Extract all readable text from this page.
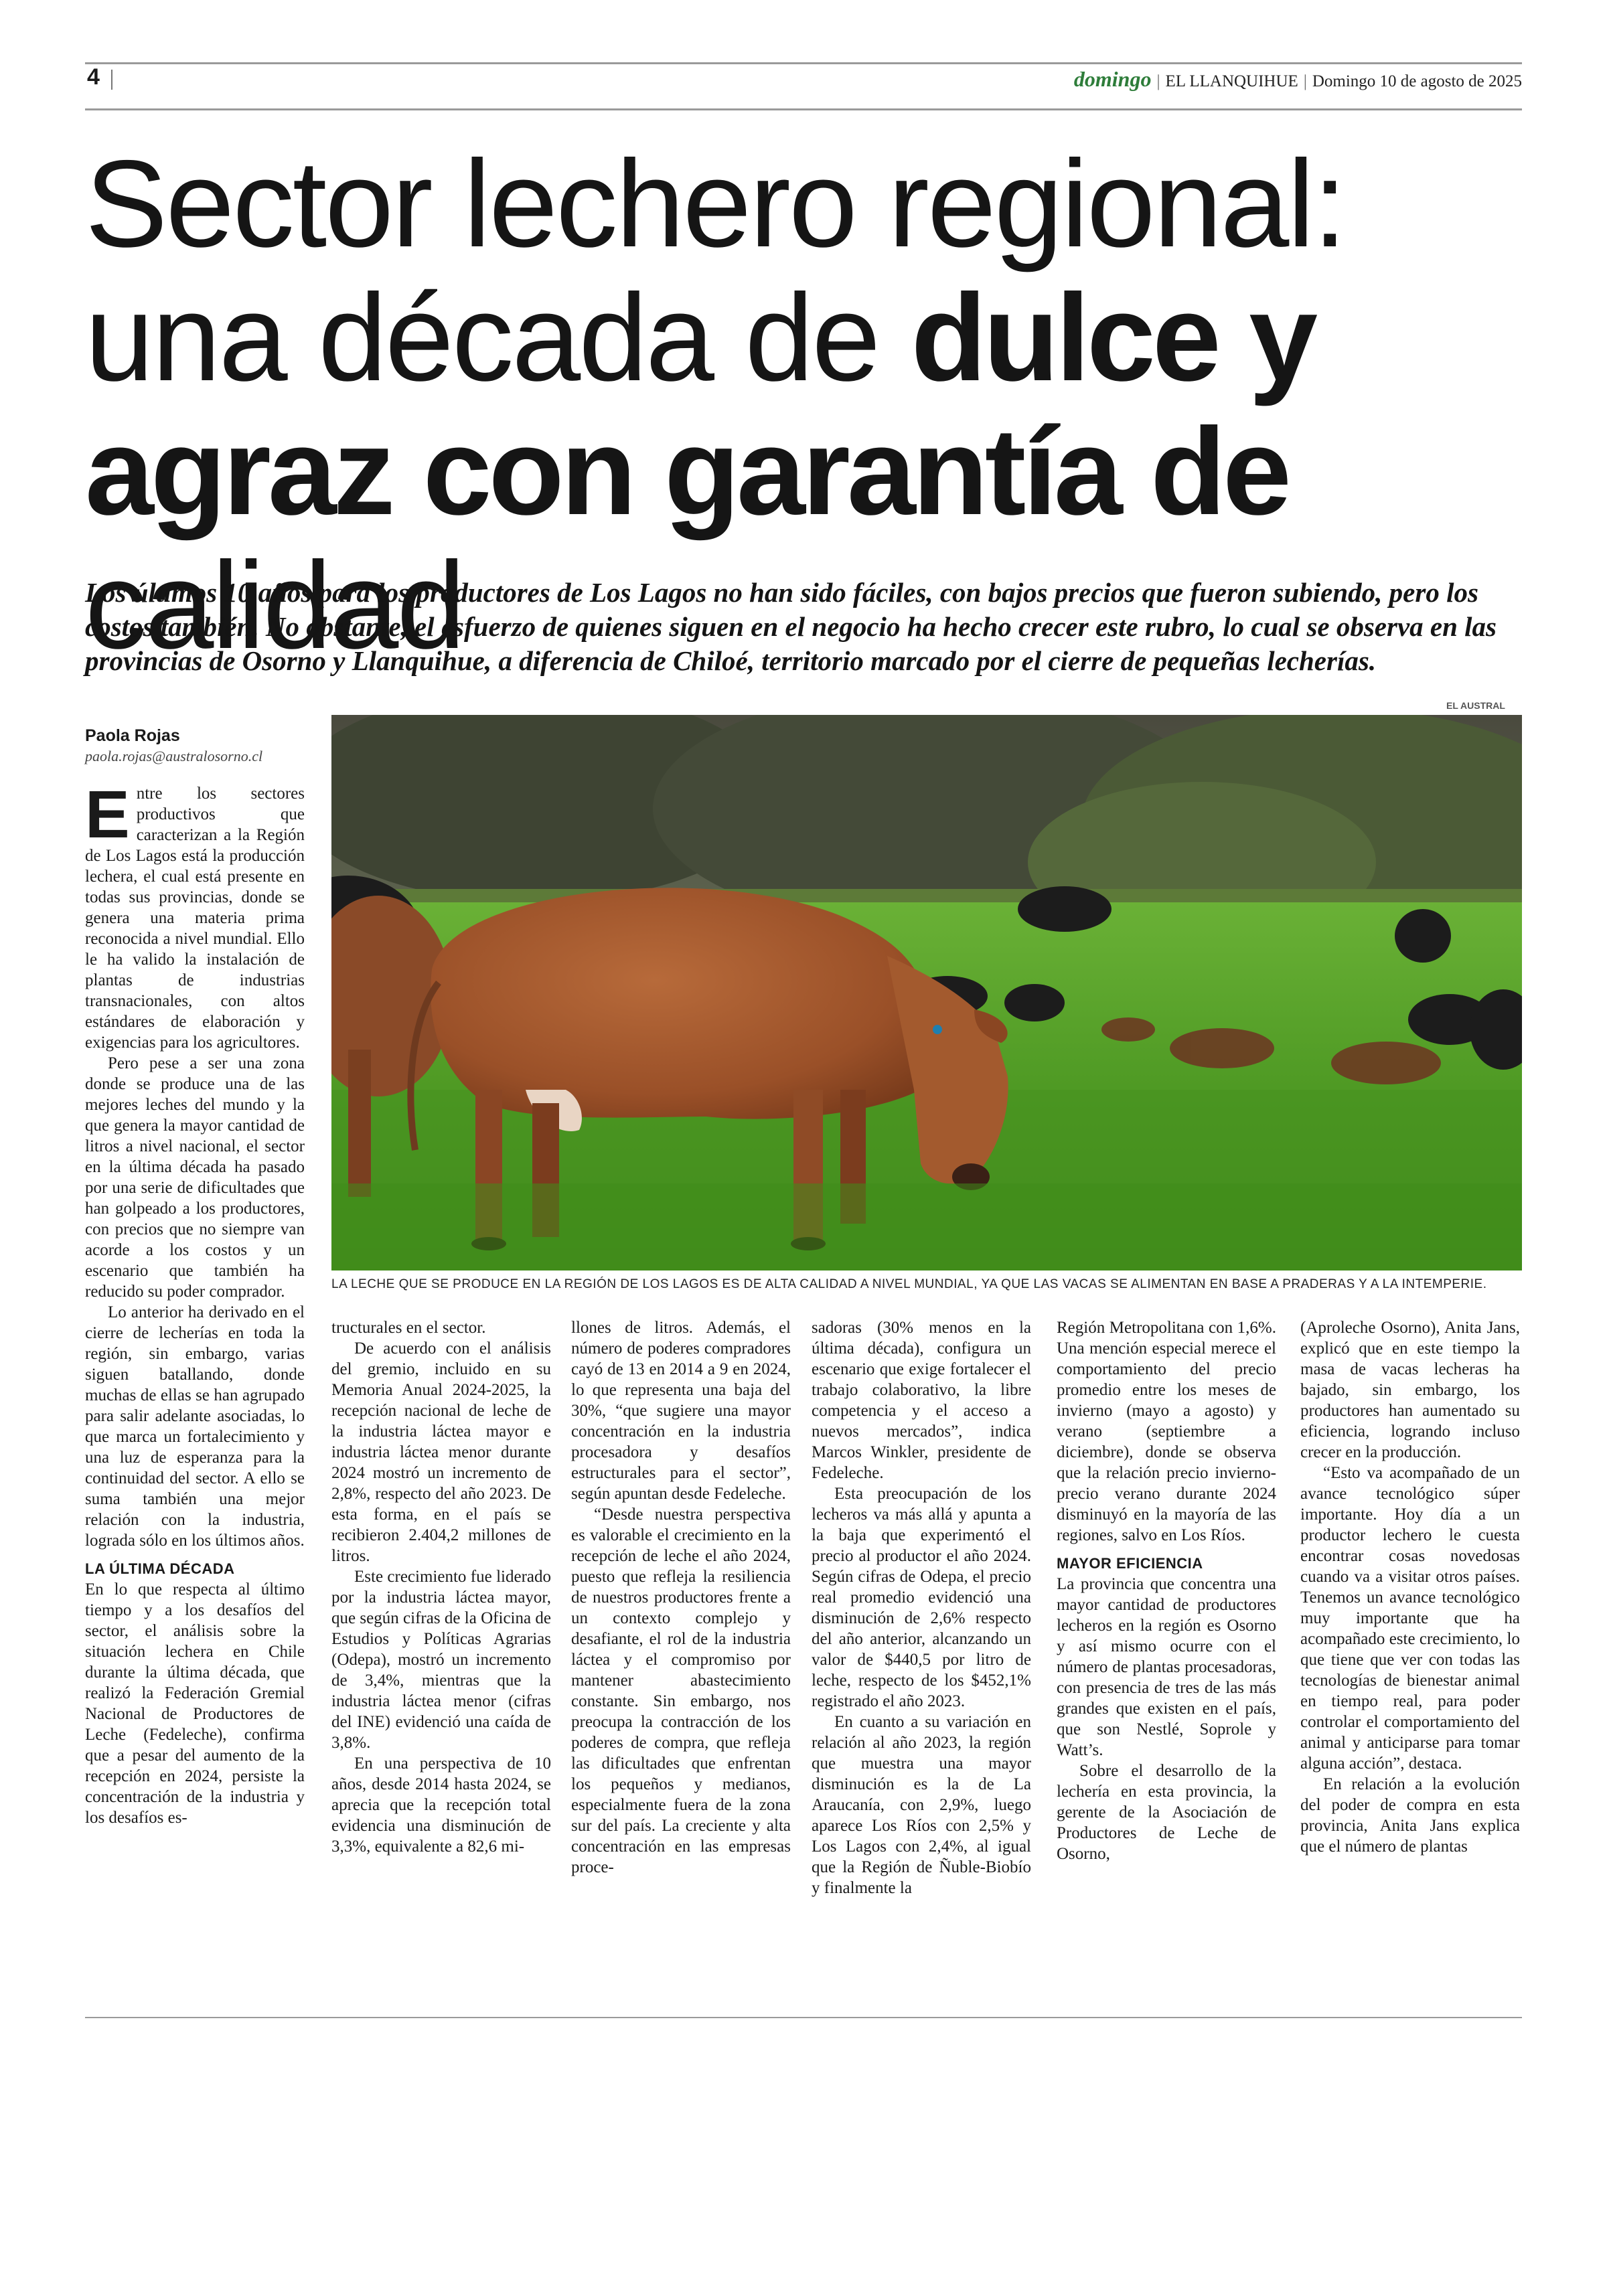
4	domingo | EL LLANQUIHUE | Domingo 10 de agosto de 2025
Sector lechero regional: una década de dulce y agraz con garantía de calidad
Los últimos 10 años para los productores de Los Lagos no han sido fáciles, con bajos precios que fueron subiendo, pero los costos también. No obstante, el esfuerzo de quienes siguen en el negocio ha hecho crecer este rubro, lo cual se observa en las provincias de Osorno y Llanquihue, a diferencia de Chiloé, territorio marcado por el cierre de pequeñas lecherías.
Paola Rojas
paola.rojas@australosorno.cl
EL AUSTRAL
LA LECHE QUE SE PRODUCE EN LA REGIÓN DE LOS LAGOS ES DE ALTA CALIDAD A NIVEL MUNDIAL, YA QUE LAS VACAS SE ALIMENTAN EN BASE A PRADERAS Y A LA INTEMPERIE.

Entre los sectores productivos que caracterizan a la Región de Los Lagos está la producción lechera, el cual está presente en todas sus provincias, donde se genera una materia prima reconocida a nivel mundial. Ello le ha valido la instalación de plantas de industrias transnacionales, con altos estándares de elaboración y exigencias para los agricultores.

Pero pese a ser una zona donde se produce una de las mejores leches del mundo y la que genera la mayor cantidad de litros a nivel nacional, el sector en la última década ha pasado por una serie de dificultades que han golpeado a los productores, con precios que no siempre van acorde a los costos y un escenario que también ha reducido su poder comprador.

Lo anterior ha derivado en el cierre de lecherías en toda la región, sin embargo, varias siguen batallando, donde muchas de ellas se han agrupado para salir adelante asociadas, lo que marca un fortalecimiento y una luz de esperanza para la continuidad del sector. A ello se suma también una mejor relación con la industria, lograda sólo en los últimos años.

LA ÚLTIMA DÉCADA

En lo que respecta al último tiempo y a los desafíos del sector, el análisis sobre la situación lechera en Chile durante la última década, que realizó la Federación Gremial Nacional de Productores de Leche (Fedeleche), confirma que a pesar del aumento de la recepción en 2024, persiste la concentración de la industria y los desafíos es-

tructurales en el sector.

De acuerdo con el análisis del gremio, incluido en su Memoria Anual 2024-2025, la recepción nacional de leche de la industria láctea mayor e industria láctea menor durante 2024 mostró un incremento de 2,8%, respecto del año 2023. De esta forma, en el país se recibieron 2.404,2 millones de litros.

Este crecimiento fue liderado por la industria láctea mayor, que según cifras de la Oficina de Estudios y Políticas Agrarias (Odepa), mostró un incremento de 3,4%, mientras que la industria láctea menor (cifras del INE) evidenció una caída de 3,8%.

En una perspectiva de 10 años, desde 2014 hasta 2024, se aprecia que la recepción total evidencia una disminución de 3,3%, equivalente a 82,6 mi-

llones de litros. Además, el número de poderes compradores cayó de 13 en 2014 a 9 en 2024, lo que representa una baja del 30%, “que sugiere una mayor concentración en la industria procesadora y desafíos estructurales para el sector”, según apuntan desde Fedeleche.

“Desde nuestra perspectiva es valorable el crecimiento en la recepción de leche el año 2024, puesto que refleja la resiliencia de nuestros productores frente a un contexto complejo y desafiante, el rol de la industria láctea y el compromiso por mantener abastecimiento constante. Sin embargo, nos preocupa la contracción de los poderes de compra, que refleja las dificultades que enfrentan los pequeños y medianos, especialmente fuera de la zona sur del país. La creciente y alta concentración en las empresas proce-

sadoras (30% menos en la última década), configura un escenario que exige fortalecer el trabajo colaborativo, la libre competencia y el acceso a nuevos mercados”, indica Marcos Winkler, presidente de Fedeleche.

Esta preocupación de los lecheros va más allá y apunta a la baja que experimentó el precio al productor el año 2024. Según cifras de Odepa, el precio real promedio evidenció una disminución de 2,6% respecto del año anterior, alcanzando un valor de $440,5 por litro de leche, respecto de los $452,1% registrado el año 2023.

En cuanto a su variación en relación al año 2023, la región que muestra una mayor disminución es la de La Araucanía, con 2,9%, luego aparece Los Ríos con 2,5% y Los Lagos con 2,4%, al igual que la Región de Ñuble-Biobío y finalmente la

Región Metropolitana con 1,6%. Una mención especial merece el comportamiento del precio promedio entre los meses de invierno (mayo a agosto) y verano (septiembre a diciembre), donde se observa que la relación precio invierno-precio verano durante 2024 disminuyó en la mayoría de las regiones, salvo en Los Ríos.

MAYOR EFICIENCIA

La provincia que concentra una mayor cantidad de productores lecheros en la región es Osorno y así mismo ocurre con el número de plantas procesadoras, con presencia de tres de las más grandes que existen en el país, que son Nestlé, Soprole y Watt’s.

Sobre el desarrollo de la lechería en esta provincia, la gerente de la Asociación de Productores de Leche de Osorno,

(Aproleche Osorno), Anita Jans, explicó que en este tiempo la masa de vacas lecheras ha bajado, sin embargo, los productores han aumentado su eficiencia, logrando incluso crecer en la producción.

“Esto va acompañado de un avance tecnológico súper importante. Hoy día a un productor lechero le cuesta encontrar cosas novedosas cuando va a visitar otros países. Tenemos un avance tecnológico muy importante que ha acompañado este crecimiento, lo que tiene que ver con todas las tecnologías de bienestar animal en tiempo real, para poder controlar el comportamiento del animal y anticiparse para tomar alguna acción”, destaca.

En relación a la evolución del poder de compra en esta provincia, Anita Jans explica que el número de plantas
